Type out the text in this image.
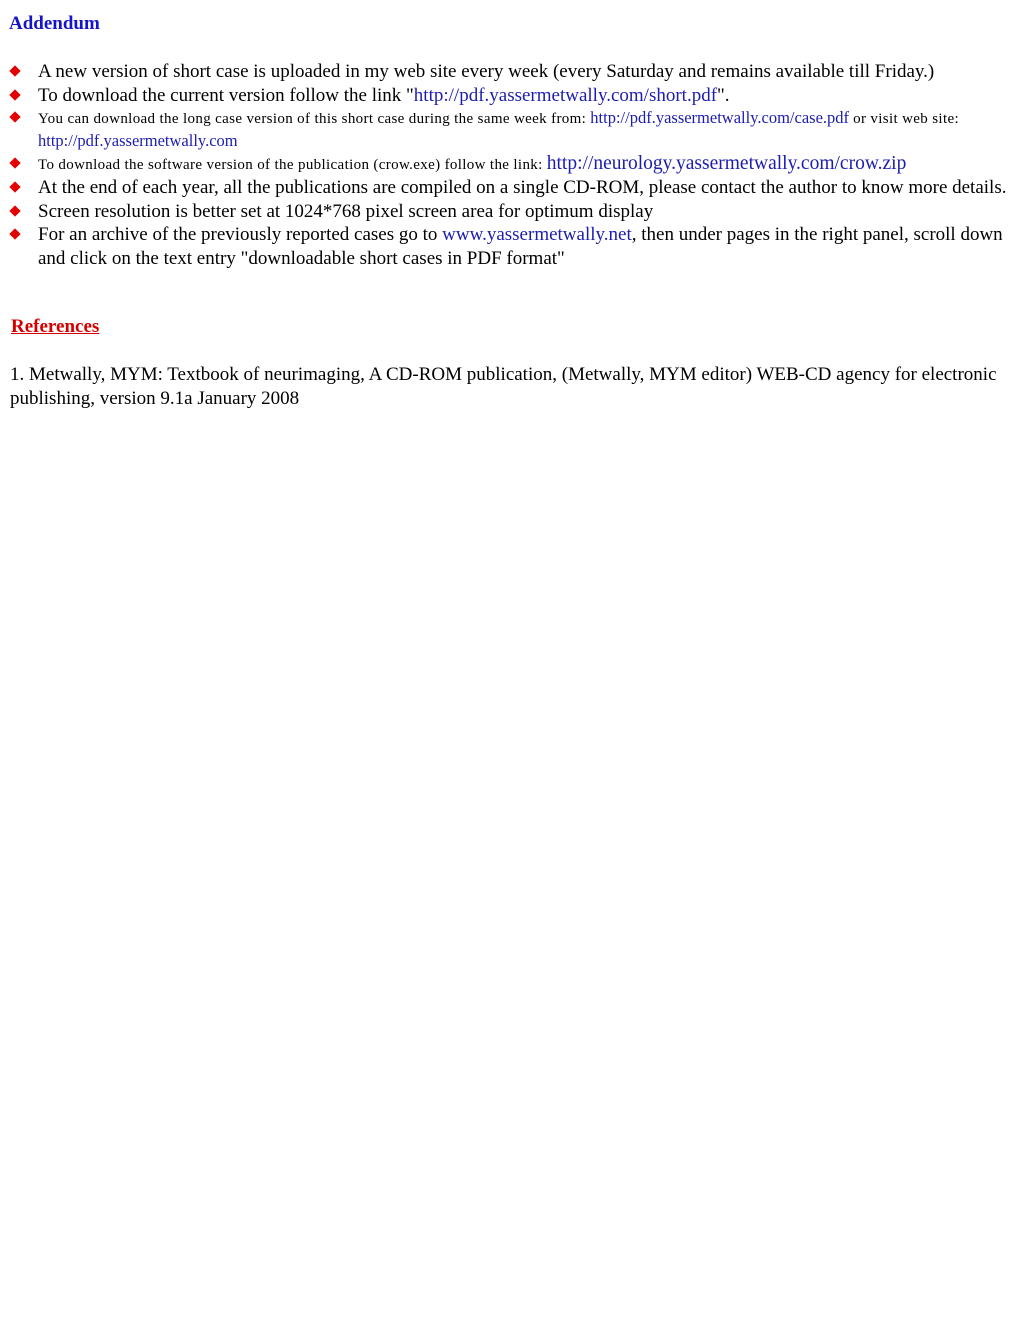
Addendum
A new version of short case is uploaded in my web site every week (every Saturday and remains available till Friday.)
To download the current version follow the link "http://pdf.yassermetwally.com/short.pdf".
You can download the long case version of this short case during the same week from: http://pdf.yassermetwally.com/case.pdf or visit web site: http://pdf.yassermetwally.com
To download the software version of the publication (crow.exe) follow the link: http://neurology.yassermetwally.com/crow.zip
At the end of each year, all the publications are compiled on a single CD-ROM, please contact the author to know more details.
Screen resolution is better set at 1024*768 pixel screen area for optimum display
For an archive of the previously reported cases go to www.yassermetwally.net, then under pages in the right panel, scroll down and click on the text entry "downloadable short cases in PDF format"
References

1. Metwally, MYM: Textbook of neurimaging, A CD-ROM publication, (Metwally, MYM editor) WEB-CD agency for electronic publishing, version 9.1a January 2008
